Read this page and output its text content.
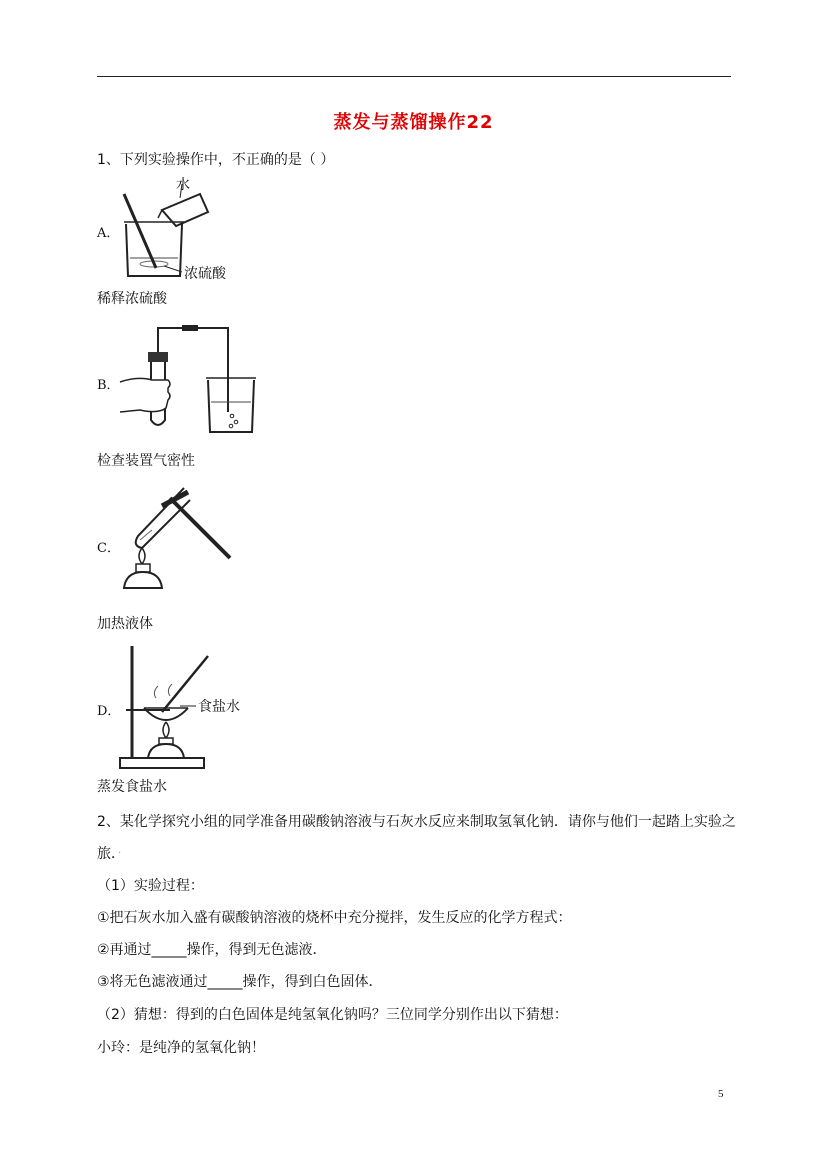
蒸发与蒸馏操作22
1、下列实验操作中，不正确的是（ ）
A．
水
浓硫酸
稀释浓硫酸
B．
检查装置气密性
C．
加热液体
D．	食盐水
蒸发食盐水
2、某化学探究小组的同学准备用碳酸钠溶液与石灰水反应来制取氢氧化钠．请你与他们一起踏上实验之旅．·
（1）实验过程：
①把石灰水加入盛有碳酸钠溶液的烧杯中充分搅拌，发生反应的化学方程式：
②再通过_____操作，得到无色滤液．
③将无色滤液通过_____操作，得到白色固体．
（2）猜想：得到的白色固体是纯氢氧化钠吗？三位同学分别作出以下猜想：
小玲：是纯净的氢氧化钠！
5
